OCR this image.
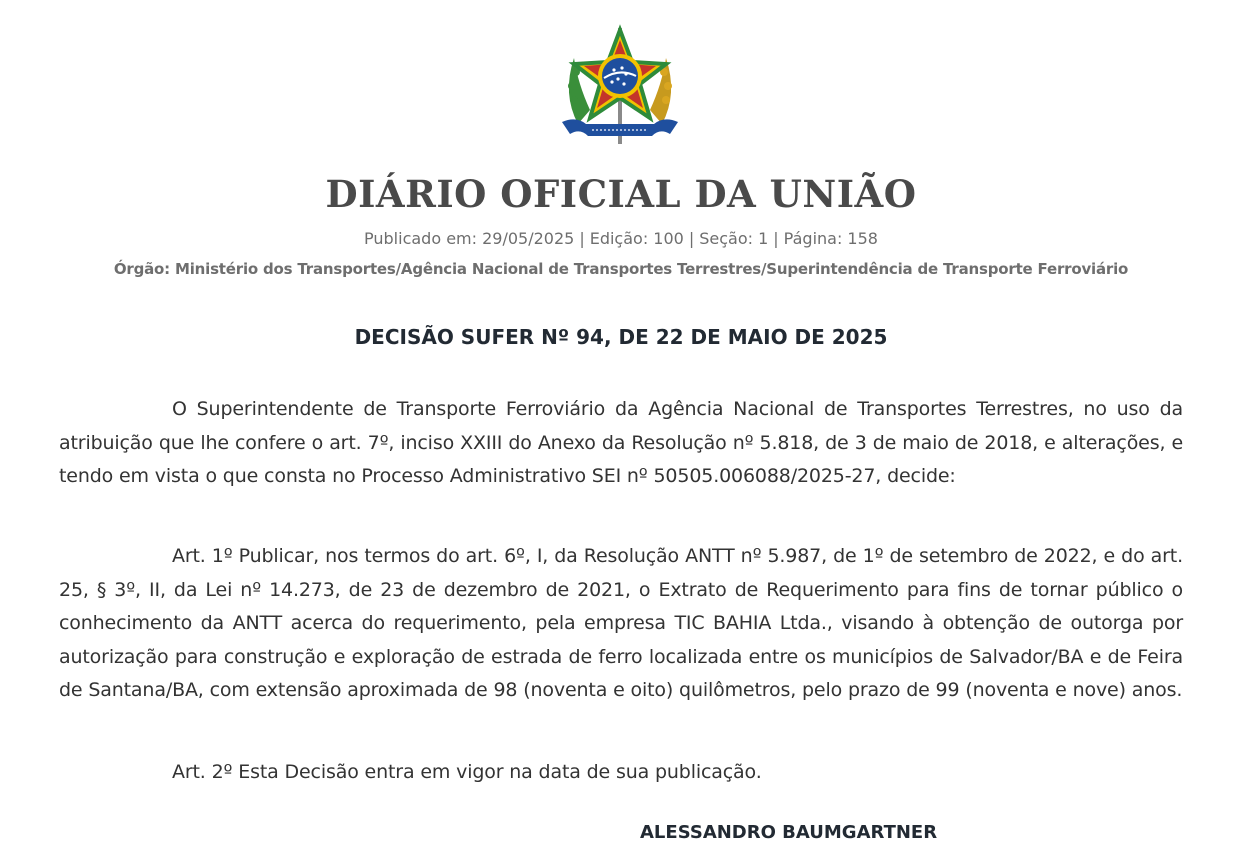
DIÁRIO OFICIAL DA UNIÃO
Publicado em: 29/05/2025 | Edição: 100 | Seção: 1 | Página: 158
Órgão: Ministério dos Transportes/Agência Nacional de Transportes Terrestres/Superintendência de Transporte Ferroviário
DECISÃO SUFER Nº 94, DE 22 DE MAIO DE 2025

O Superintendente de Transporte Ferroviário da Agência Nacional de Transportes Terrestres, no uso da atribuição que lhe confere o art. 7º, inciso XXIII do Anexo da Resolução nº 5.818, de 3 de maio de 2018, e alterações, e tendo em vista o que consta no Processo Administrativo SEI nº 50505.006088/2025-27, decide:

Art. 1º Publicar, nos termos do art. 6º, I, da Resolução ANTT nº 5.987, de 1º de setembro de 2022, e do art. 25, § 3º, II, da Lei nº 14.273, de 23 de dezembro de 2021, o Extrato de Requerimento para fins de tornar público o conhecimento da ANTT acerca do requerimento, pela empresa TIC BAHIA Ltda., visando à obtenção de outorga por autorização para construção e exploração de estrada de ferro localizada entre os municípios de Salvador/BA e de Feira de Santana/BA, com extensão aproximada de 98 (noventa e oito) quilômetros, pelo prazo de 99 (noventa e nove) anos.

Art. 2º Esta Decisão entra em vigor na data de sua publicação.

ALESSANDRO BAUMGARTNER
